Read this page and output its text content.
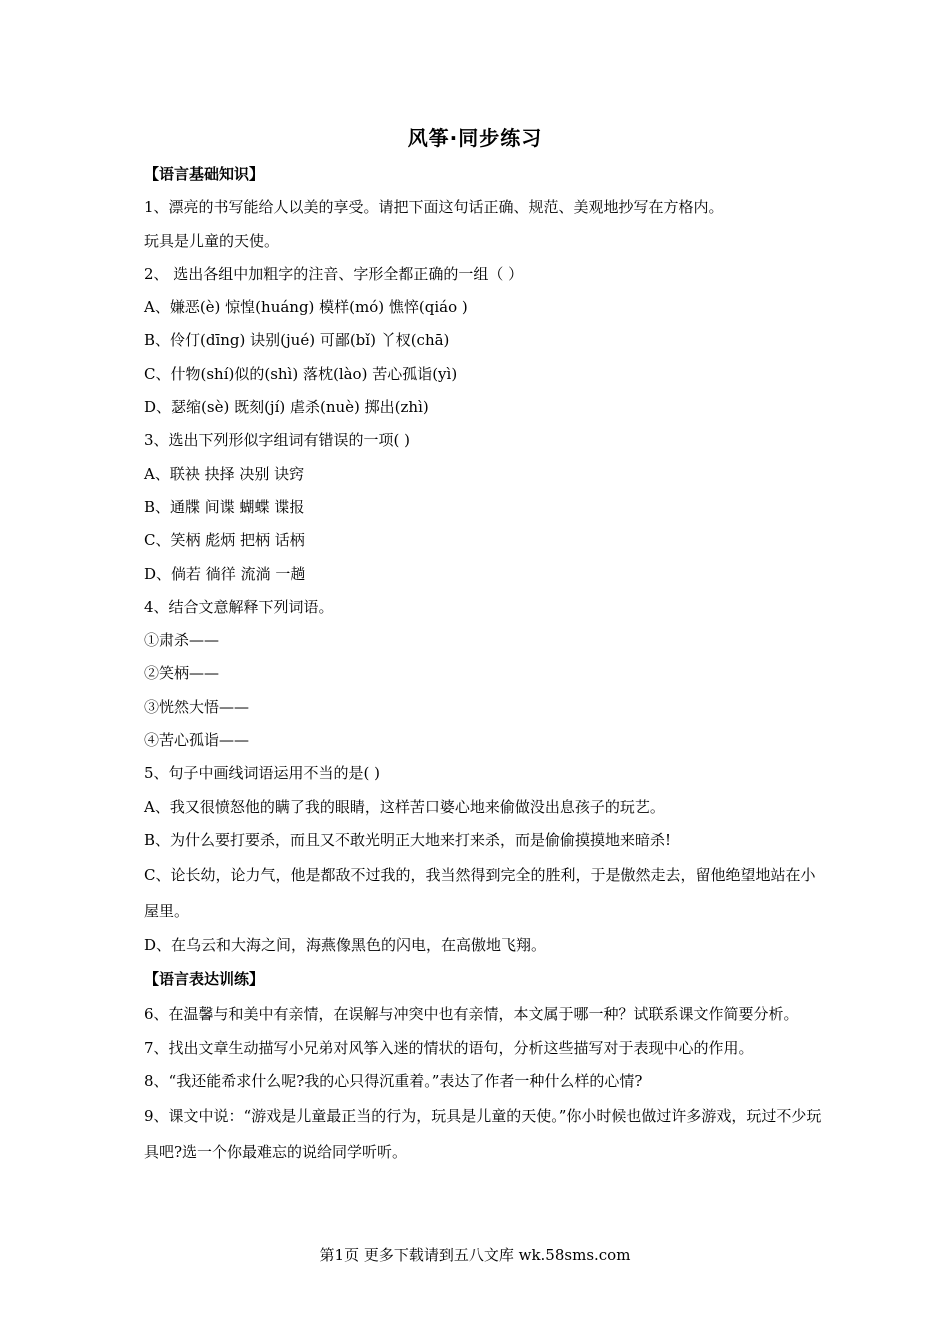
风筝·同步练习
【语言基础知识】
1、漂亮的书写能给人以美的享受。请把下面这句话正确、规范、美观地抄写在方格内。
玩具是儿童的天使。
2、 选出各组中加粗字的注音、字形全都正确的一组（ ）
A、嫌恶(è) 惊惶(huáng) 模样(mó) 憔悴(qiáo )
B、伶仃(dīng) 诀别(jué) 可鄙(bǐ) 丫杈(chā)
C、什物(shí)似的(shì) 落枕(lào) 苦心孤诣(yì)
D、瑟缩(sè) 既刻(jí) 虐杀(nuè) 掷出(zhì)
3、选出下列形似字组词有错误的一项( )
A、联袂 抉择 决别 诀窍
B、通牒 间谍 蝴蝶 谍报
C、笑柄 彪炳 把柄 话柄
D、倘若 徜徉 流淌 一趟
4、结合文意解释下列词语。
①肃杀——
②笑柄——
③恍然大悟——
④苦心孤诣——
5、句子中画线词语运用不当的是( )
A、我又很愤怒他的瞒了我的眼睛，这样苦口婆心地来偷做没出息孩子的玩艺。
B、为什么要打要杀，而且又不敢光明正大地来打来杀，而是偷偷摸摸地来暗杀!
C、论长幼，论力气，他是都敌不过我的，我当然得到完全的胜利，于是傲然走去，留他绝望地站在小屋里。
D、在乌云和大海之间，海燕像黑色的闪电，在高傲地飞翔。
【语言表达训练】
6、在温馨与和美中有亲情，在误解与冲突中也有亲情，本文属于哪一种？试联系课文作简要分析。
7、找出文章生动描写小兄弟对风筝入迷的情状的语句，分析这些描写对于表现中心的作用。
8、“我还能希求什么呢?我的心只得沉重着。”表达了作者一种什么样的心情?
9、课文中说：“游戏是儿童最正当的行为，玩具是儿童的天使。”你小时候也做过许多游戏，玩过不少玩具吧?选一个你最难忘的说给同学听听。
第1页 更多下载请到五八文库 wk.58sms.com
